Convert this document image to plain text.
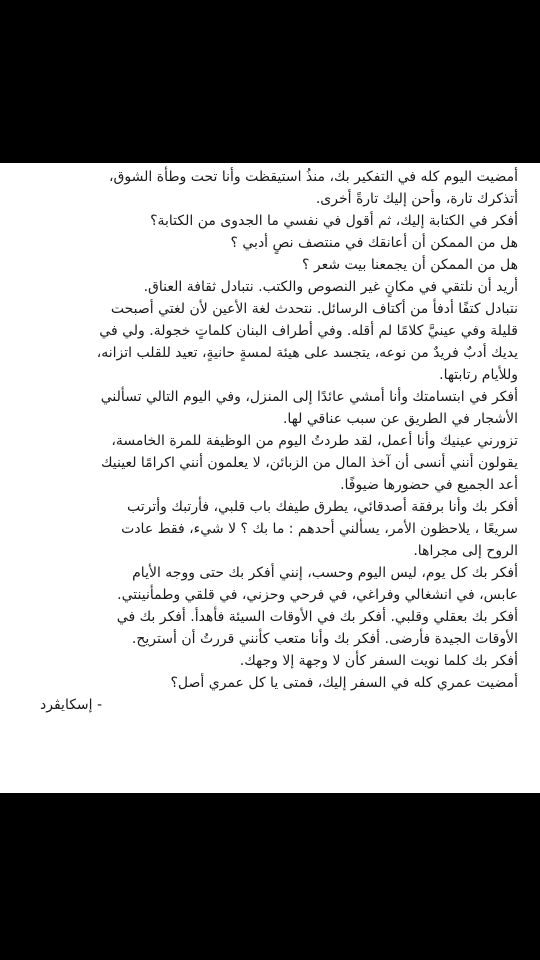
أمضيت اليوم كله في التفكير بك، منذُ استيقظت وأنا تحت وطأة الشوق،
أتذكرك تارة، وأحن إليك تارةً أخرى.
أفكر في الكتابة إليك، ثم أقول في نفسي ما الجدوى من الكتابة؟
هل من الممكن أن أعانقك في منتصف نصٍ أدبي ؟
هل من الممكن أن يجمعنا بيت شعر ؟
أريد أن نلتقي في مكانٍ غير النصوص والكتب. نتبادل ثقافة العناق.
نتبادل كتفًا أدفأ من أكتاف الرسائل. نتحدث لغة الأعين لأن لغتي أصبحت
قليلة وفي عينيَّ كلامًا لم أقله. وفي أطراف البنان كلماتٍ خجولة. ولي في
يديك أدبٌ فريدٌ من نوعه، يتجسد على هيئة لمسةٍ حانيةٍ، تعيد للقلب اتزانه،
وللأيام رتابتها.
أفكر في ابتسامتك وأنا أمشي عائدًا إلى المنزل، وفي اليوم التالي تسألني
الأشجار في الطريق عن سبب عناقي لها.
تزورني عينيك وأنا أعمل، لقد طردتُ اليوم من الوظيفة للمرة الخامسة،
يقولون أنني أنسى أن آخذ المال من الزبائن، لا يعلمون أنني اكرامًا لعينيك
أعد الجميع في حضورها ضيوفًا.
أفكر بك وأنا برفقة أصدقائي، يطرق طيفك باب قلبي، فأرتبك وأترتب
سريعًا ، يلاحظون الأمر، يسألني أحدهم : ما بك ؟ لا شيء، فقط عادت
الروح إلى مجراها.
أفكر بك كل يوم، ليس اليوم وحسب، إنني أفكر بك حتى ووجه الأيام
عابس، في انشغالي وفراغي، في فرحي وحزني، في قلقي وطمأنينتي.
أفكر بك بعقلي وقلبي. أفكر بك في الأوقات السيئة فأهدأ. أفكر بك في
الأوقات الجيدة فأرضى. أفكر بك وأنا متعب كأنني قررتُ أن أستريح.
أفكر بك كلما نويت السفر كأن لا وجهة إلا وجهك.
أمضيت عمري كله في السفر إليك، فمتى يا كل عمري أصل؟
- إسكايڤرد
